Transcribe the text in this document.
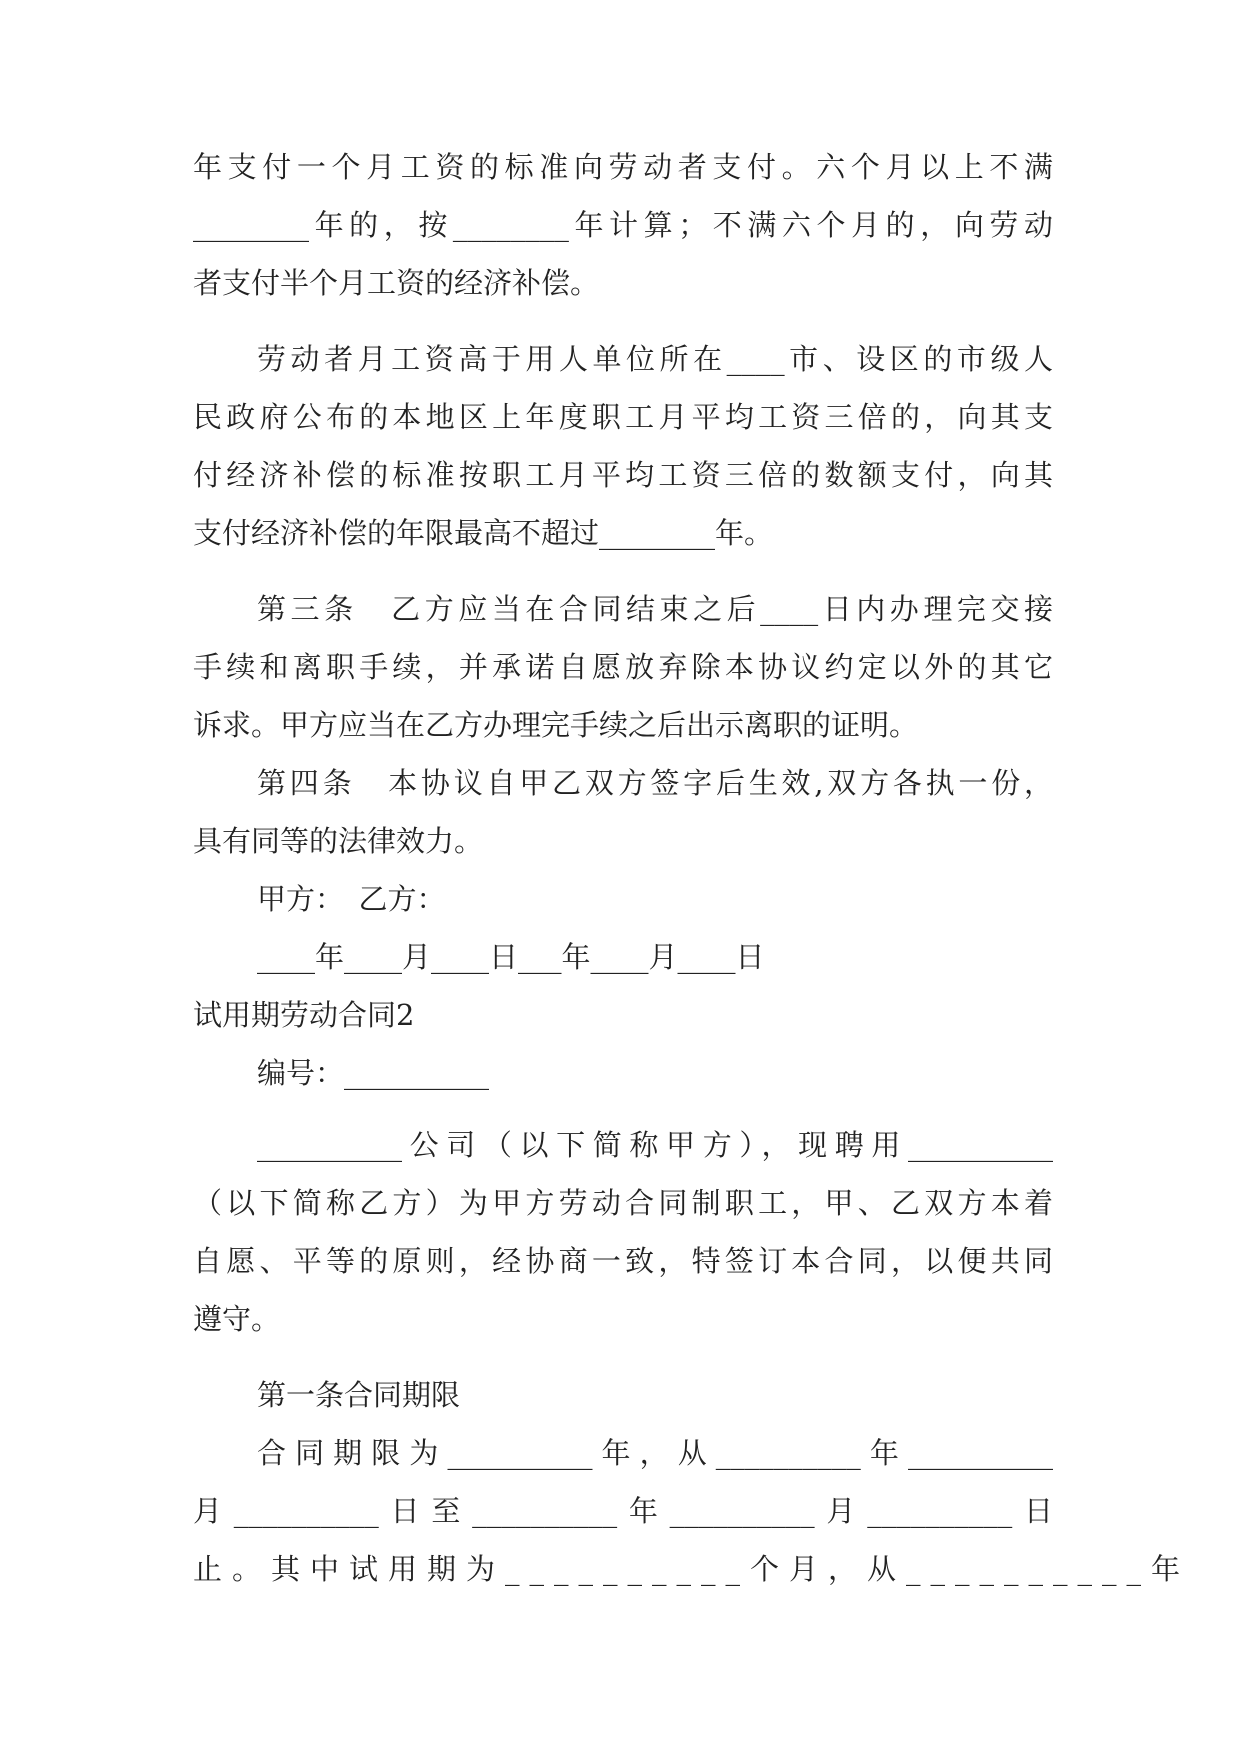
年支付一个月工资的标准向劳动者支付。六个月以上不满
________年的，按________年计算；不满六个月的，向劳动
者支付半个月工资的经济补偿。
劳动者月工资高于用人单位所在____市、设区的市级人
民政府公布的本地区上年度职工月平均工资三倍的，向其支
付经济补偿的标准按职工月平均工资三倍的数额支付，向其
支付经济补偿的年限最高不超过________年。
第三条　乙方应当在合同结束之后____日内办理完交接
手续和离职手续，并承诺自愿放弃除本协议约定以外的其它
诉求。甲方应当在乙方办理完手续之后出示离职的证明。
第四条　本协议自甲乙双方签字后生效,双方各执一份，
具有同等的法律效力。
甲方：　乙方：
____年____月____日___年____月____日
试用期劳动合同2
编号：__________
__________公司（以下简称甲方），现聘用__________
（以下简称乙方）为甲方劳动合同制职工，甲、乙双方本着
自愿、平等的原则，经协商一致，特签订本合同，以便共同
遵守。
第一条合同期限
合同期限为__________年，从__________年__________
月__________日至__________年__________月__________日
止。其中试用期为__________个月，从__________年
